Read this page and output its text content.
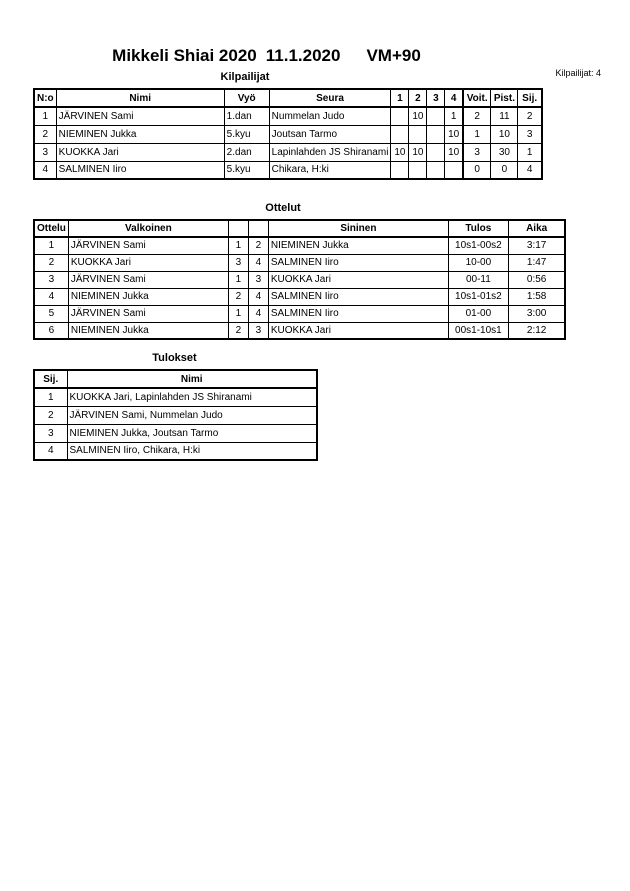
Mikkeli Shiai 2020 11.1.2020 VM+90
Kilpailijat: 4
Kilpailijat
N:o	Nimi	Vyö	Seura	1	2	3	4	Voit.	Pist.	Sij.
1	JÄRVINEN Sami	1.dan	Nummelan Judo		10		1	2	11	2
2	NIEMINEN Jukka	5.kyu	Joutsan Tarmo				10	1	10	3
3	KUOKKA Jari	2.dan	Lapinlahden JS Shiranami	10	10		10	3	30	1
4	SALMINEN Iiro	5.kyu	Chikara, H:ki					0	0	4
Ottelut
Ottelu	Valkoinen			Sininen	Tulos	Aika
1	JÄRVINEN Sami	1	2	NIEMINEN Jukka	10s1-00s2	3:17
2	KUOKKA Jari	3	4	SALMINEN Iiro	10-00	1:47
3	JÄRVINEN Sami	1	3	KUOKKA Jari	00-11	0:56
4	NIEMINEN Jukka	2	4	SALMINEN Iiro	10s1-01s2	1:58
5	JÄRVINEN Sami	1	4	SALMINEN Iiro	01-00	3:00
6	NIEMINEN Jukka	2	3	KUOKKA Jari	00s1-10s1	2:12
Tulokset
Sij.	Nimi
1	KUOKKA Jari, Lapinlahden JS Shiranami
2	JÄRVINEN Sami, Nummelan Judo
3	NIEMINEN Jukka, Joutsan Tarmo
4	SALMINEN Iiro, Chikara, H:ki
